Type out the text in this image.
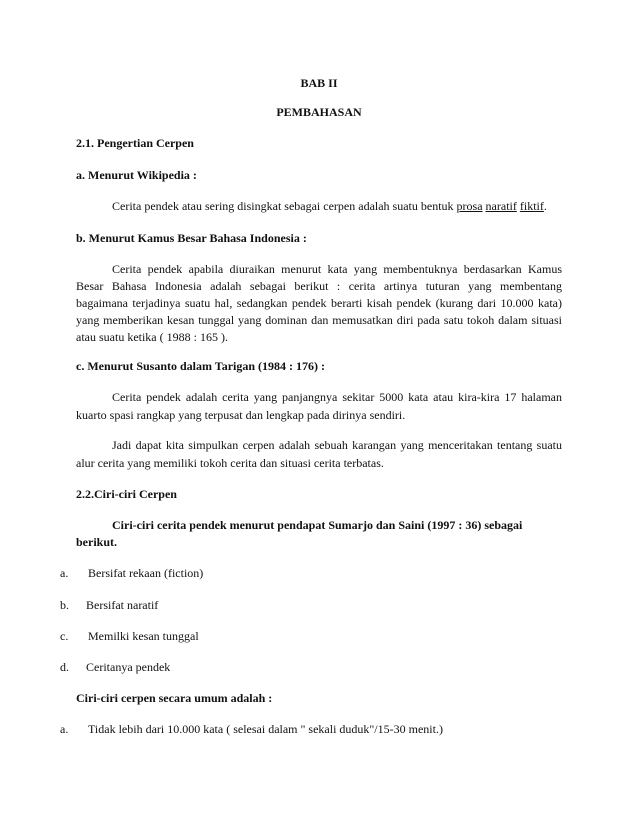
BAB II
PEMBAHASAN
2.1. Pengertian Cerpen
a. Menurut Wikipedia :
Cerita pendek atau sering disingkat sebagai cerpen adalah suatu bentuk prosa naratif fiktif.
b. Menurut Kamus Besar Bahasa Indonesia :
Cerita pendek apabila diuraikan menurut kata yang membentuknya berdasarkan Kamus
Besar Bahasa Indonesia adalah sebagai berikut : cerita artinya tuturan yang membentang
bagaimana terjadinya suatu hal, sedangkan pendek berarti kisah pendek (kurang dari 10.000 kata)
yang memberikan kesan tunggal yang dominan dan memusatkan diri pada satu tokoh dalam situasi
atau suatu ketika ( 1988 : 165 ).
c. Menurut Susanto dalam Tarigan (1984 : 176) :
Cerita pendek adalah cerita yang panjangnya sekitar 5000 kata atau kira-kira 17 halaman
kuarto spasi rangkap yang terpusat dan lengkap pada dirinya sendiri.
Jadi dapat kita simpulkan cerpen adalah sebuah karangan yang menceritakan tentang suatu
alur cerita yang memiliki tokoh cerita dan situasi cerita terbatas.
2.2.Ciri-ciri Cerpen
Ciri-ciri cerita pendek menurut pendapat Sumarjo dan Saini (1997 : 36) sebagai
berikut.
a. Bersifat rekaan (fiction)
b. Bersifat naratif
c. Memilki kesan tunggal
d. Ceritanya pendek
Ciri-ciri cerpen secara umum adalah :
a. Tidak lebih dari 10.000 kata ( selesai dalam " sekali duduk"/15-30 menit.)
